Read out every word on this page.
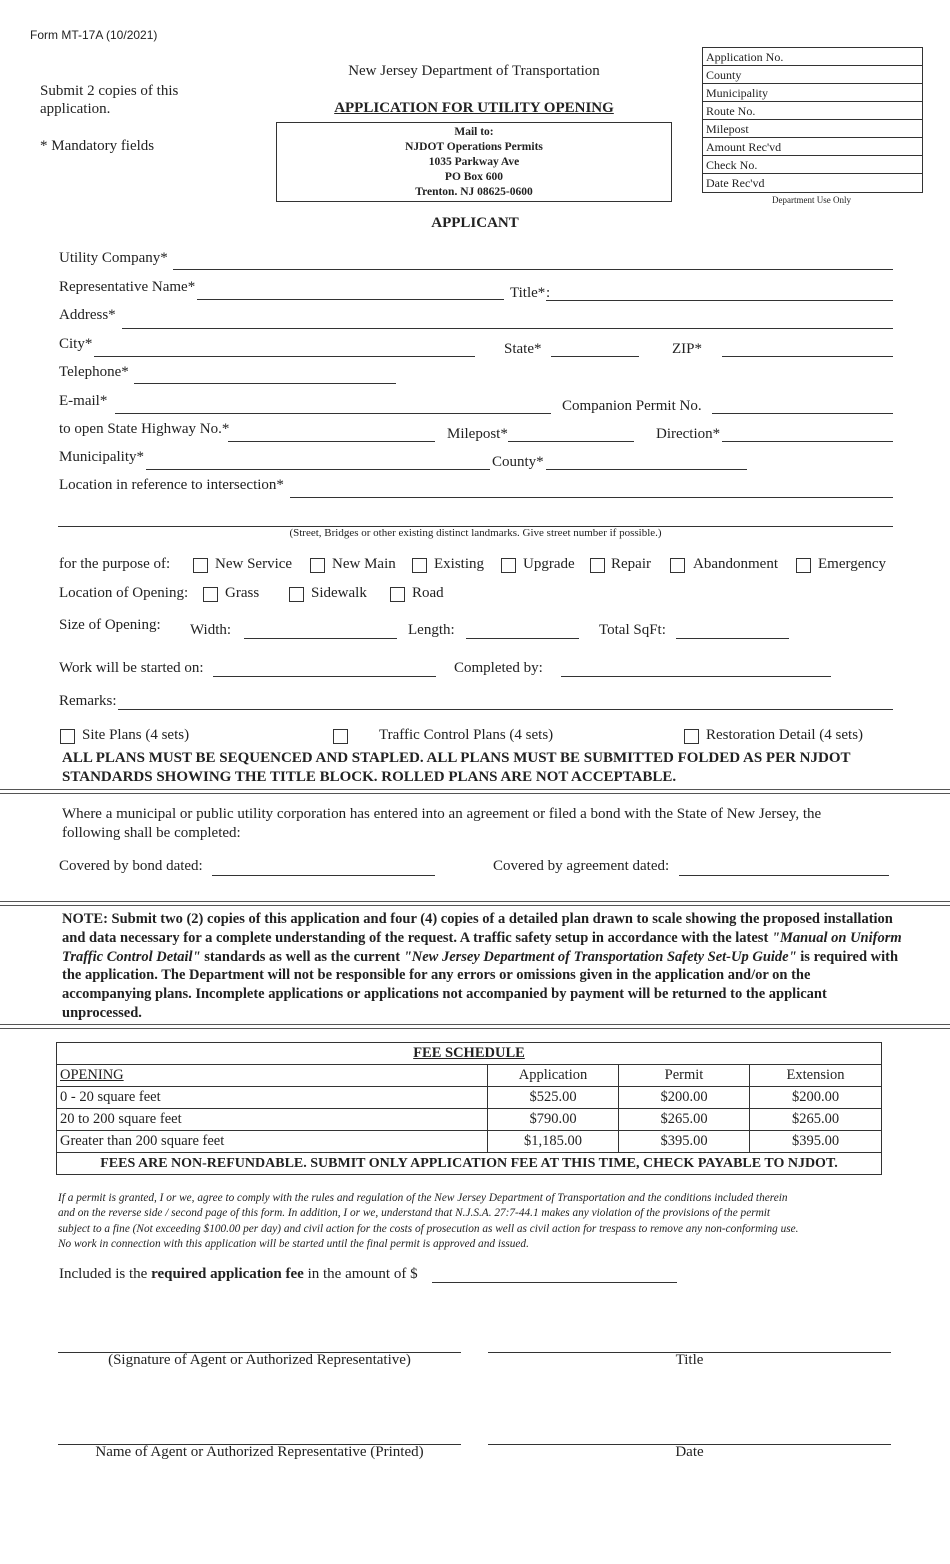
Form MT-17A (10/2021)
Submit 2 copies of this application.
* Mandatory fields
New Jersey Department of Transportation
APPLICATION FOR UTILITY OPENING
Mail to:
NJDOT Operations Permits
1035 Parkway Ave
PO Box 600
Trenton. NJ 08625-0600
Application No.
County
Municipality
Route No.
Milepost
Amount Rec'vd
Check No.
Date Rec'vd
Department Use Only
APPLICANT
Utility Company*
Representative Name*	Title* :
Address*
City*	State*	ZIP*
Telephone*
E-mail*	Companion Permit No.
to open State Highway No.*	Milepost*	Direction*
Municipality*	County*
Location in reference to intersection*
(Street, Bridges or other existing distinct landmarks. Give street number if possible.)
for the purpose of:	New Service	New Main	Existing	Upgrade Repair	Abandonment	Emergency
Location of Opening: Grass	Sidewalk	Road
Size of Opening: Width:	Length:	Total SqFt:
Work will be started on:	Completed by:
Remarks:
Site Plans (4 sets)	Traffic Control Plans (4 sets)	Restoration Detail (4 sets)
ALL PLANS MUST BE SEQUENCED AND STAPLED. ALL PLANS MUST BE SUBMITTED FOLDED AS PER NJDOT
STANDARDS SHOWING THE TITLE BLOCK. ROLLED PLANS ARE NOT ACCEPTABLE.
Where a municipal or public utility corporation has entered into an agreement or filed a bond with the State of New Jersey, the
following shall be completed:
Covered by bond dated:	Covered by agreement dated:
NOTE: Submit two (2) copies of this application and four (4) copies of a detailed plan drawn to scale showing the proposed installation and data necessary for a complete understanding of the request. A traffic safety setup in accordance with the latest "Manual on Uniform Traffic Control Detail" standards as well as the current "New Jersey Department of Transportation Safety Set-Up Guide" is required with the application. The Department will not be responsible for any errors or omissions given in the application and/or on the accompanying plans. Incomplete applications or applications not accompanied by payment will be returned to the applicant unprocessed.
FEE SCHEDULE			
OPENING	Application	Permit	Extension
0 - 20 square feet	$525.00	$200.00	$200.00
20 to 200 square feet	$790.00	$265.00	$265.00
Greater than 200 square feet	$1,185.00	$395.00	$395.00
FEES ARE NON-REFUNDABLE. SUBMIT ONLY APPLICATION FEE AT THIS TIME, CHECK PAYABLE TO NJDOT.			
If a permit is granted, I or we, agree to comply with the rules and regulation of the New Jersey Department of Transportation and the conditions included therein
and on the reverse side / second page of this form. In addition, I or we, understand that N.J.S.A. 27:7-44.1 makes any violation of the provisions of the permit
subject to a fine (Not exceeding $100.00 per day) and civil action for the costs of prosecution as well as civil action for trespass to remove any non-conforming use.
No work in connection with this application will be started until the final permit is approved and issued.
Included is the required application fee in the amount of $
(Signature of Agent or Authorized Representative)	Title
Name of Agent or Authorized Representative (Printed)	Date
